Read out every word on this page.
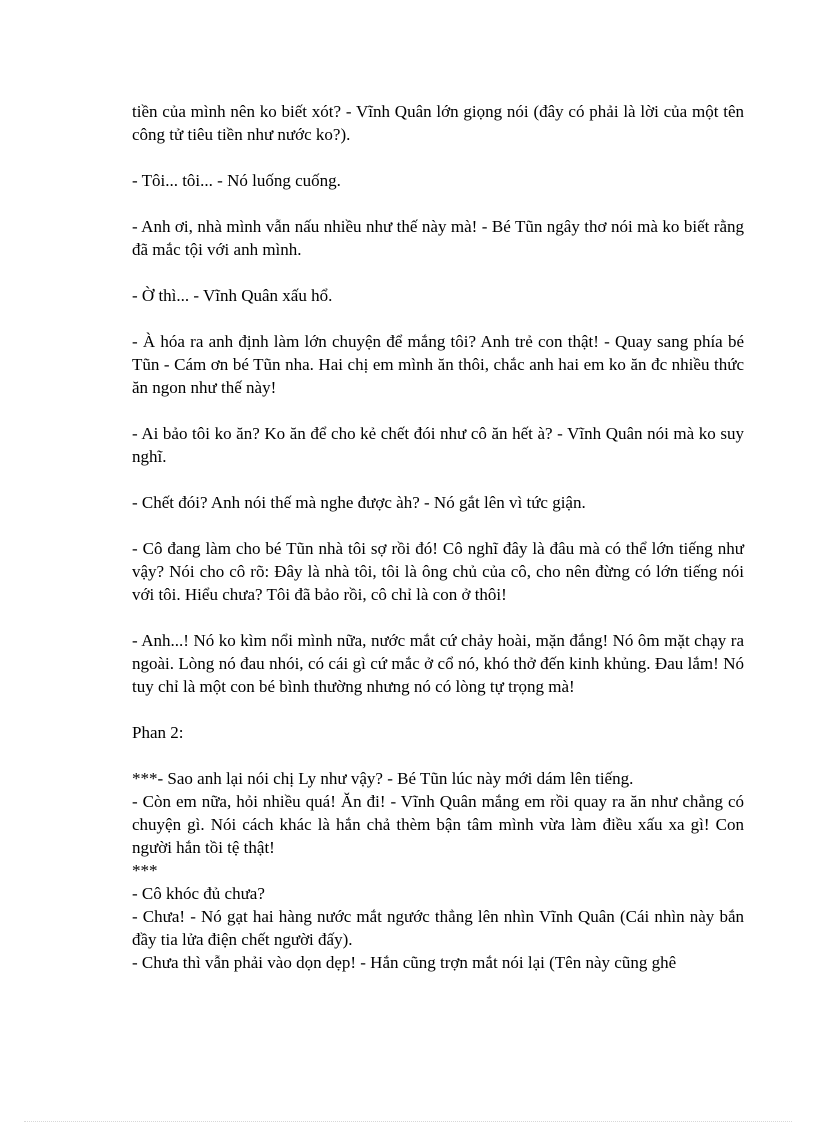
tiền của mình nên ko biết xót? - Vĩnh Quân lớn giọng nói (đây có phải là lời của một tên công tử tiêu tiền như nước ko?).

- Tôi... tôi... - Nó luống cuống.

- Anh ơi, nhà mình vẫn nấu nhiều như thế này mà! - Bé Tũn ngây thơ nói mà ko biết rằng đã mắc tội với anh mình.

- Ờ thì... - Vĩnh Quân xấu hổ.

- À hóa ra anh định làm lớn chuyện để mắng tôi? Anh trẻ con thật! - Quay sang phía bé Tũn - Cám ơn bé Tũn nha. Hai chị em mình ăn thôi, chắc anh hai em ko ăn đc nhiều thức ăn ngon như thế này!

- Ai bảo tôi ko ăn? Ko ăn để cho kẻ chết đói như cô ăn hết à? - Vĩnh Quân nói mà ko suy nghĩ.

- Chết đói? Anh nói thế mà nghe được àh? - Nó gắt lên vì tức giận.

- Cô đang làm cho bé Tũn nhà tôi sợ rồi đó! Cô nghĩ đây là đâu mà có thể lớn tiếng như vậy? Nói cho cô rõ: Đây là nhà tôi, tôi là ông chủ của cô, cho nên đừng có lớn tiếng nói với tôi. Hiểu chưa? Tôi đã bảo rồi, cô chỉ là con ở thôi!

- Anh...! Nó ko kìm nổi mình nữa, nước mắt cứ chảy hoài, mặn đắng! Nó ôm mặt chạy ra ngoài. Lòng nó đau nhói, có cái gì cứ mắc ở cổ nó, khó thở đến kinh khủng. Đau lắm! Nó tuy chỉ là một con bé bình thường nhưng nó có lòng tự trọng mà!

Phan 2:

***- Sao anh lại nói chị Ly như vậy? - Bé Tũn lúc này mới dám lên tiếng.

- Còn em nữa, hỏi nhiều quá! Ăn đi! - Vĩnh Quân mắng em rồi quay ra ăn như chẳng có chuyện gì. Nói cách khác là hắn chả thèm bận tâm mình vừa làm điều xấu xa gì! Con người hắn tồi tệ thật!

***

- Cô khóc đủ chưa?

- Chưa! - Nó gạt hai hàng nước mắt ngước thẳng lên nhìn Vĩnh Quân (Cái nhìn này bắn đầy tia lửa điện chết người đấy).

- Chưa thì vẫn phải vào dọn dẹp! - Hắn cũng trợn mắt nói lại (Tên này cũng ghê
